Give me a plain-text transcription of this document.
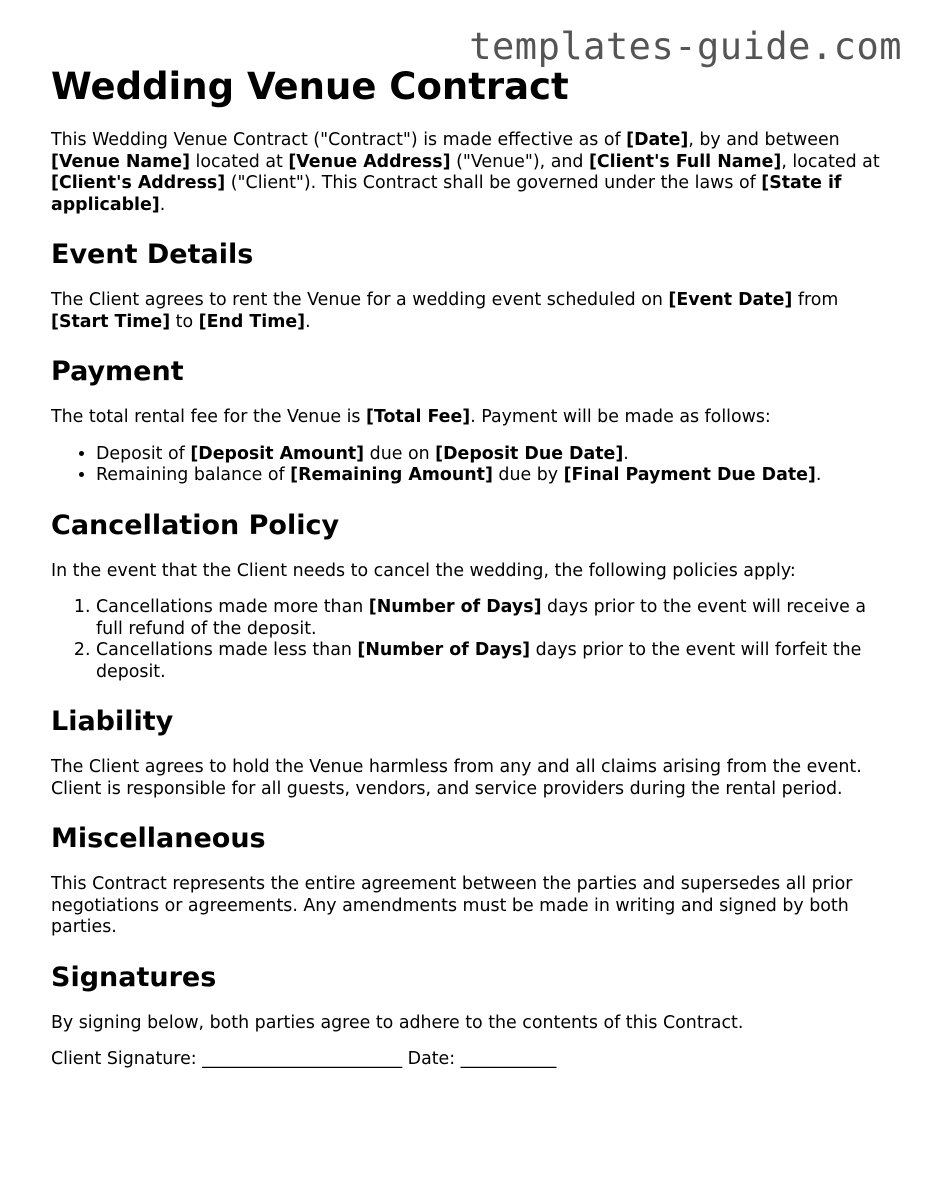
templates-guide.com
Wedding Venue Contract

This Wedding Venue Contract ("Contract") is made effective as of [Date], by and between [Venue Name] located at [Venue Address] ("Venue"), and [Client's Full Name], located at [Client's Address] ("Client"). This Contract shall be governed under the laws of [State if applicable].

Event Details

The Client agrees to rent the Venue for a wedding event scheduled on [Event Date] from [Start Time] to [End Time].

Payment

The total rental fee for the Venue is [Total Fee]. Payment will be made as follows:

• Deposit of [Deposit Amount] due on [Deposit Due Date].
• Remaining balance of [Remaining Amount] due by [Final Payment Due Date].
Cancellation Policy

In the event that the Client needs to cancel the wedding, the following policies apply:

1. Cancellations made more than [Number of Days] days prior to the event will receive a full refund of the deposit.
2. Cancellations made less than [Number of Days] days prior to the event will forfeit the deposit.
Liability

The Client agrees to hold the Venue harmless from any and all claims arising from the event. Client is responsible for all guests, vendors, and service providers during the rental period.

Miscellaneous

This Contract represents the entire agreement between the parties and supersedes all prior negotiations or agreements. Any amendments must be made in writing and signed by both parties.

Signatures

By signing below, both parties agree to adhere to the contents of this Contract.

Client Signature: _______________________ Date: ___________
